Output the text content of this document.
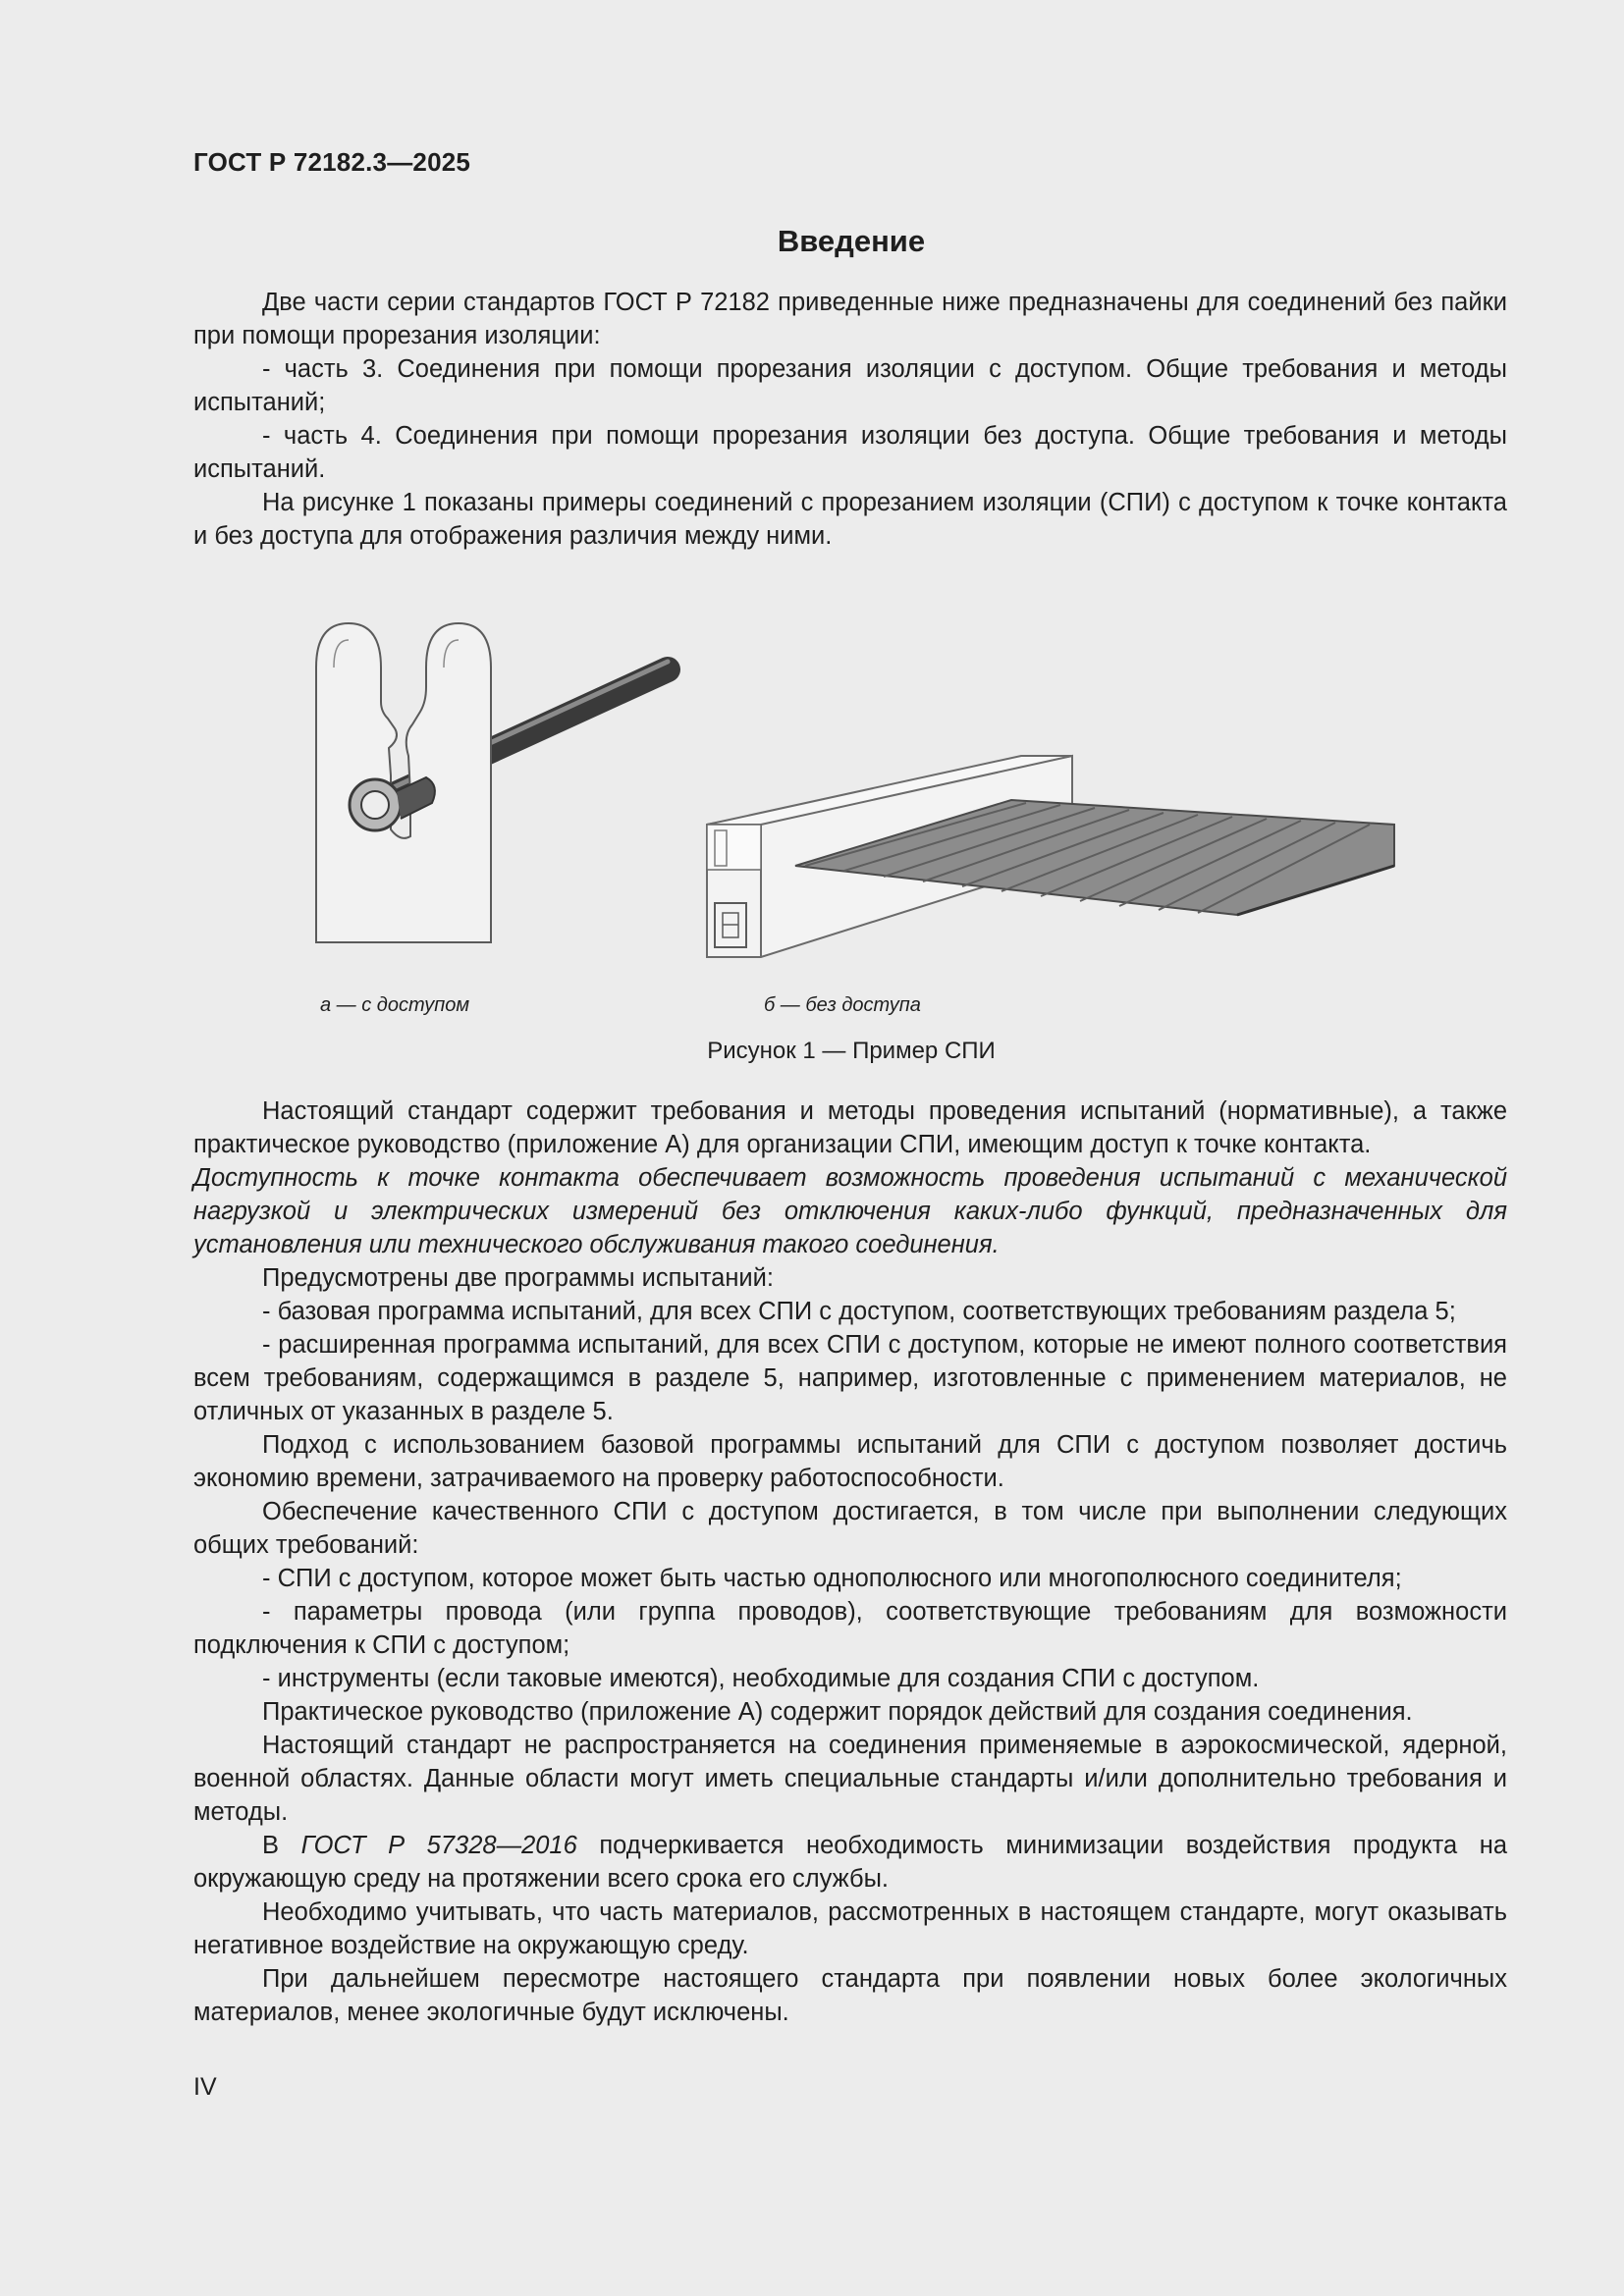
ГОСТ Р 72182.3—2025
Введение

Две части серии стандартов ГОСТ Р 72182 приведенные ниже предназначены для соединений без пайки при помощи прорезания изоляции:

- часть 3. Соединения при помощи прорезания изоляции с доступом. Общие требования и методы испытаний;

- часть 4. Соединения при помощи прорезания изоляции без доступа. Общие требования и методы испытаний.

На рисунке 1 показаны примеры соединений с прорезанием изоляции (СПИ) с доступом к точке контакта и без доступа для отображения различия между ними.

а — с доступом	б — без доступа
Рисунок 1 — Пример СПИ

Настоящий стандарт содержит требования и методы проведения испытаний (нормативные), а также практическое руководство (приложение А) для организации СПИ, имеющим доступ к точке контакта.

Доступность к точке контакта обеспечивает возможность проведения испытаний с механической нагрузкой и электрических измерений без отключения каких-либо функций, предназначенных для установления или технического обслуживания такого соединения.

Предусмотрены две программы испытаний:

- базовая программа испытаний, для всех СПИ с доступом, соответствующих требованиям раздела 5;

- расширенная программа испытаний, для всех СПИ с доступом, которые не имеют полного соответствия всем требованиям, содержащимся в разделе 5, например, изготовленные с применением материалов, не отличных от указанных в разделе 5.

Подход с использованием базовой программы испытаний для СПИ с доступом позволяет достичь экономию времени, затрачиваемого на проверку работоспособности.

Обеспечение качественного СПИ с доступом достигается, в том числе при выполнении следующих общих требований:

- СПИ с доступом, которое может быть частью однополюсного или многополюсного соединителя;

- параметры провода (или группа проводов), соответствующие требованиям для возможности подключения к СПИ с доступом;

- инструменты (если таковые имеются), необходимые для создания СПИ с доступом.

Практическое руководство (приложение А) содержит порядок действий для создания соединения.

Настоящий стандарт не распространяется на соединения применяемые в аэрокосмической, ядерной, военной областях. Данные области могут иметь специальные стандарты и/или дополнительно требования и методы.

В ГОСТ Р 57328—2016 подчеркивается необходимость минимизации воздействия продукта на окружающую среду на протяжении всего срока его службы.

Необходимо учитывать, что часть материалов, рассмотренных в настоящем стандарте, могут оказывать негативное воздействие на окружающую среду.

При дальнейшем пересмотре настоящего стандарта при появлении новых более экологичных материалов, менее экологичные будут исключены.

IV
